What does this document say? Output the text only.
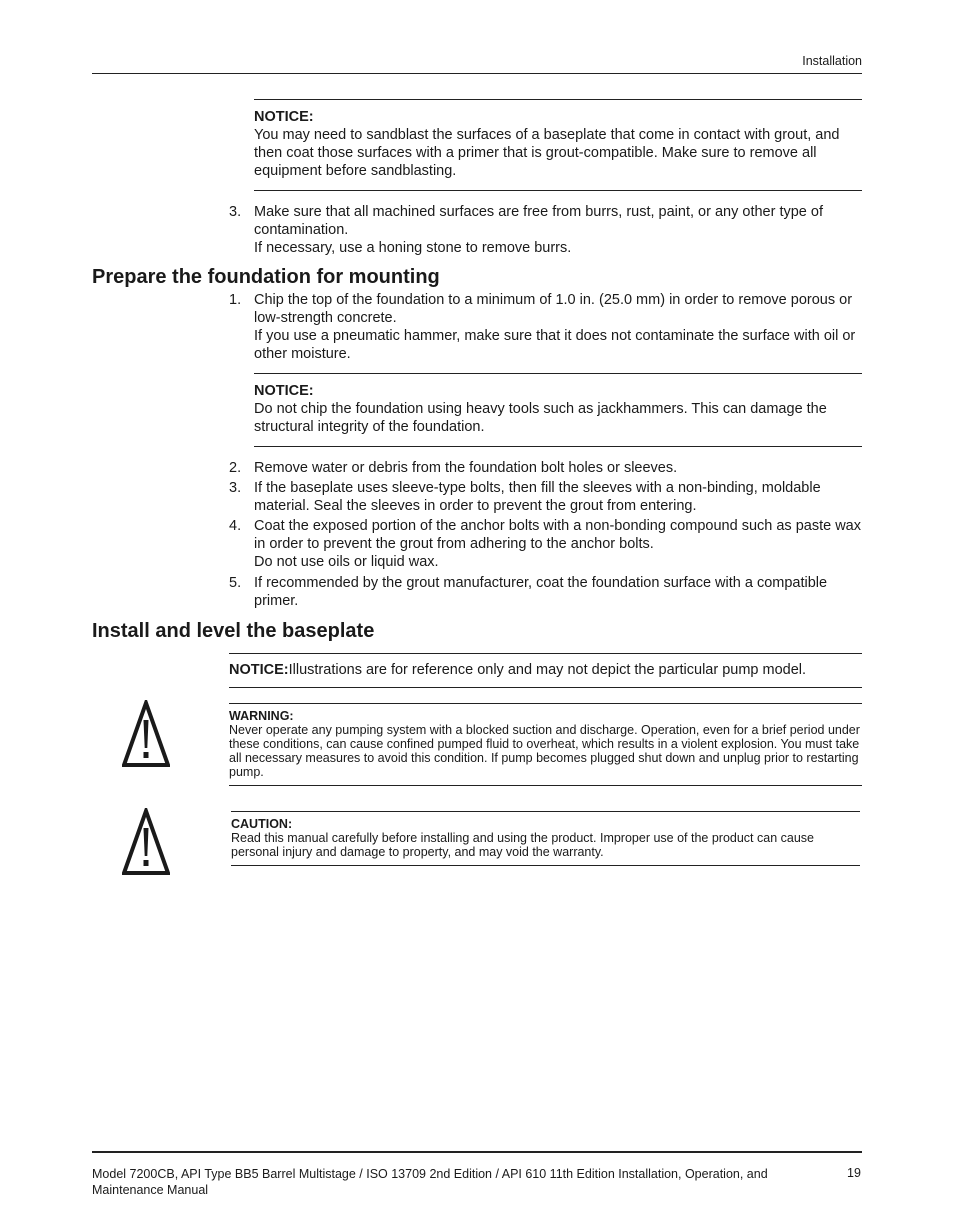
Installation
NOTICE:
You may need to sandblast the surfaces of a baseplate that come in contact with grout, and then coat those surfaces with a primer that is grout-compatible. Make sure to remove all equipment before sandblasting.
3. Make sure that all machined surfaces are free from burrs, rust, paint, or any other type of contamination.
If necessary, use a honing stone to remove burrs.
Prepare the foundation for mounting
1. Chip the top of the foundation to a minimum of 1.0 in. (25.0 mm) in order to remove porous or low-strength concrete.
If you use a pneumatic hammer, make sure that it does not contaminate the surface with oil or other moisture.
NOTICE:
Do not chip the foundation using heavy tools such as jackhammers. This can damage the structural integrity of the foundation.
2. Remove water or debris from the foundation bolt holes or sleeves.
3. If the baseplate uses sleeve-type bolts, then fill the sleeves with a non-binding, moldable material. Seal the sleeves in order to prevent the grout from entering.
4. Coat the exposed portion of the anchor bolts with a non-bonding compound such as paste wax in order to prevent the grout from adhering to the anchor bolts.
Do not use oils or liquid wax.
5. If recommended by the grout manufacturer, coat the foundation surface with a compatible primer.
Install and level the baseplate
NOTICE:Illustrations are for reference only and may not depict the particular pump model.
WARNING:
Never operate any pumping system with a blocked suction and discharge. Operation, even for a brief period under these conditions, can cause confined pumped fluid to overheat, which results in a violent explosion. You must take all necessary measures to avoid this condition. If pump becomes plugged shut down and unplug prior to restarting pump.
CAUTION:
Read this manual carefully before installing and using the product. Improper use of the product can cause personal injury and damage to property, and may void the warranty.
Model 7200CB, API Type BB5 Barrel Multistage / ISO 13709 2nd Edition / API 610 11th Edition Installation, Operation, and Maintenance Manual
19
